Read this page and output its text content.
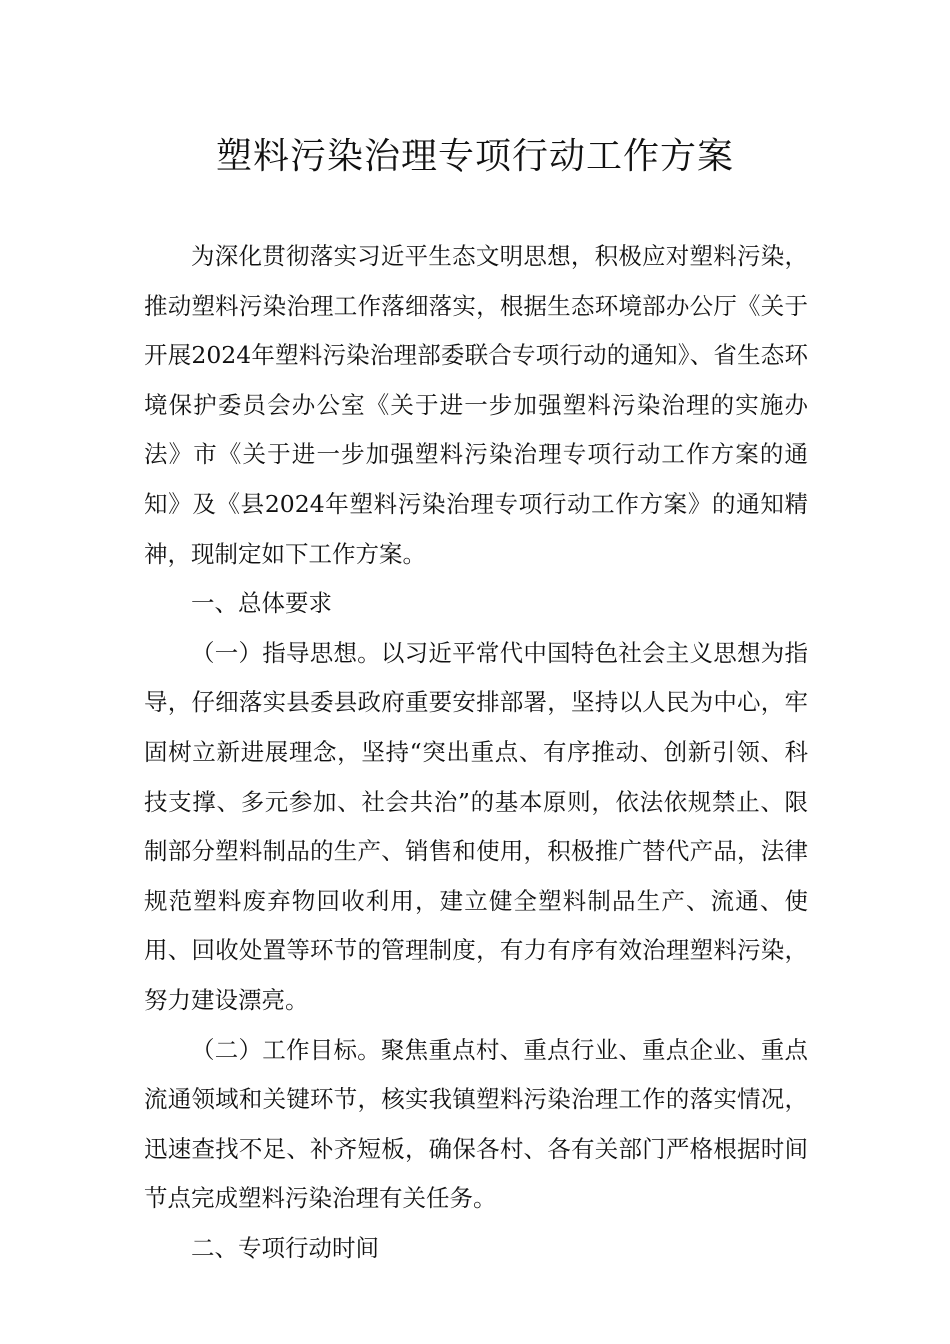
塑料污染治理专项行动工作方案

为深化贯彻落实习近平生态文明思想，积极应对塑料污染，推动塑料污染治理工作落细落实，根据生态环境部办公厅《关于开展2024年塑料污染治理部委联合专项行动的通知》、省生态环境保护委员会办公室《关于进一步加强塑料污染治理的实施办法》市《关于进一步加强塑料污染治理专项行动工作方案的通知》及《县2024年塑料污染治理专项行动工作方案》的通知精神，现制定如下工作方案。

一、总体要求

（一）指导思想。以习近平常代中国特色社会主义思想为指导，仔细落实县委县政府重要安排部署，坚持以人民为中心，牢固树立新进展理念，坚持“突出重点、有序推动、创新引领、科技支撑、多元参加、社会共治”的基本原则，依法依规禁止、限制部分塑料制品的生产、销售和使用，积极推广替代产品，法律规范塑料废弃物回收利用，建立健全塑料制品生产、流通、使用、回收处置等环节的管理制度，有力有序有效治理塑料污染，努力建设漂亮。

（二）工作目标。聚焦重点村、重点行业、重点企业、重点流通领域和关键环节，核实我镇塑料污染治理工作的落实情况，迅速查找不足、补齐短板，确保各村、各有关部门严格根据时间节点完成塑料污染治理有关任务。

二、专项行动时间
